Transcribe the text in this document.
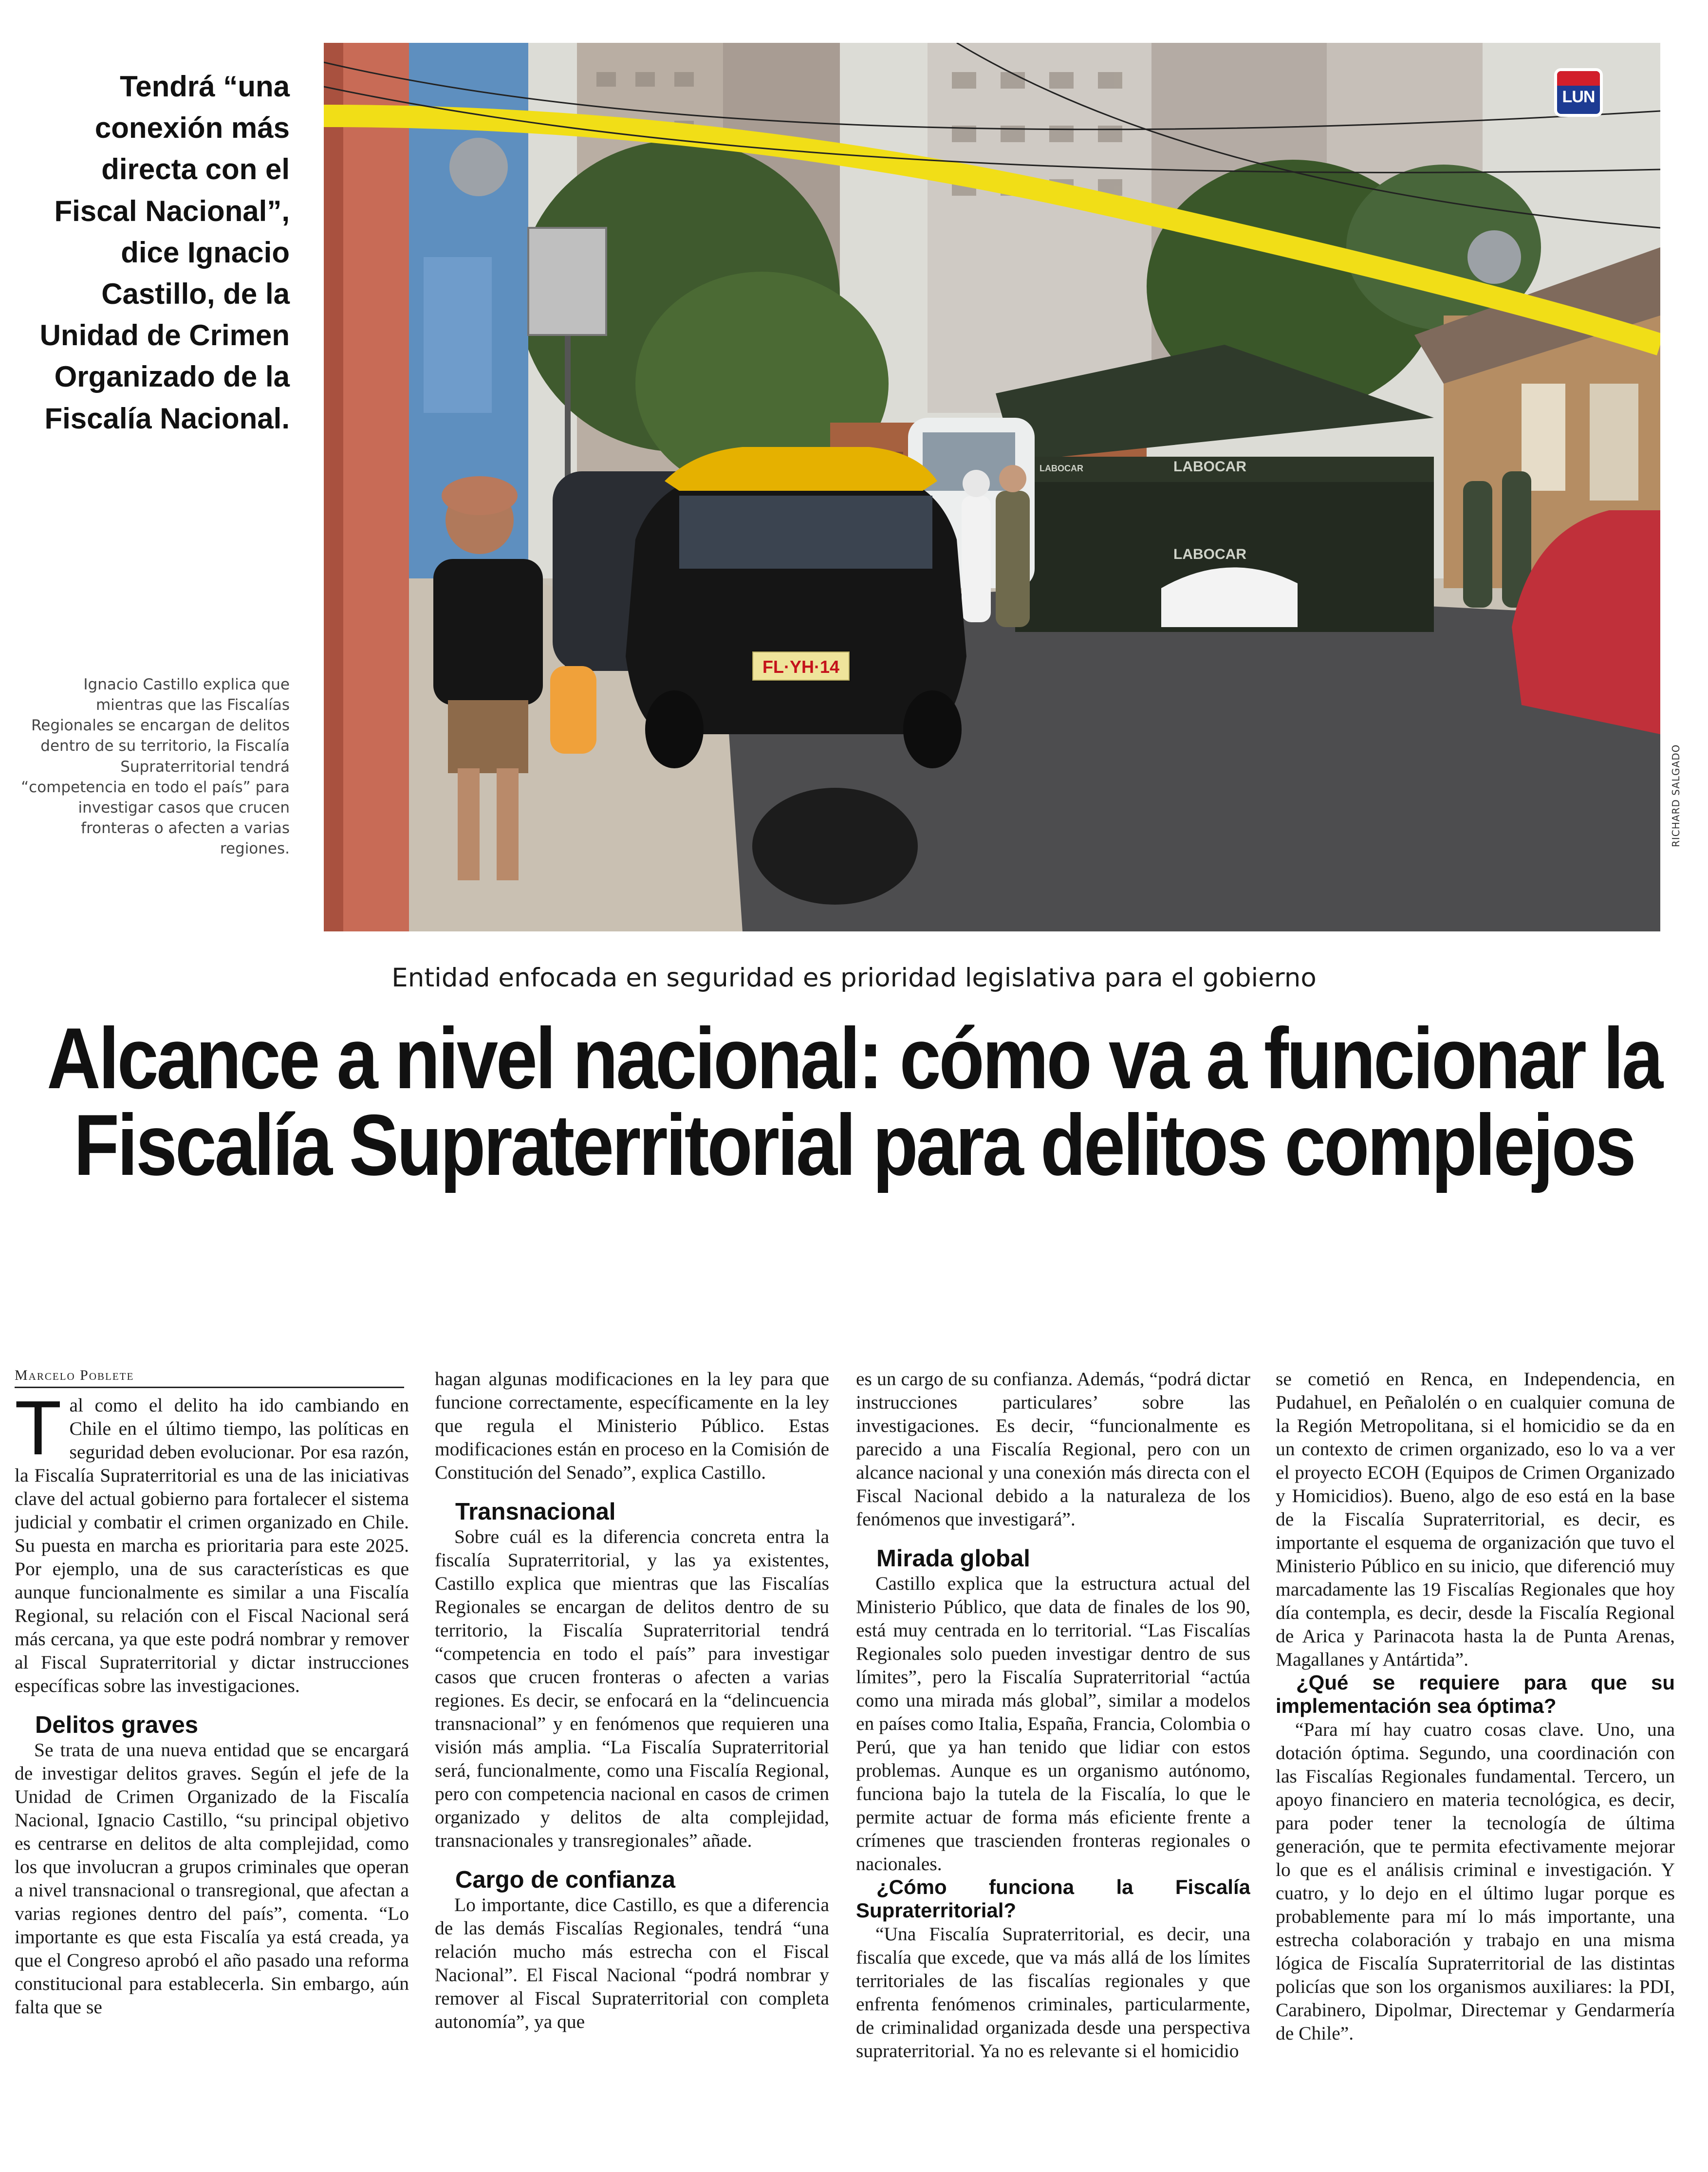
Tendrá “una conexión más directa con el Fiscal Nacional”, dice Ignacio Castillo, de la Unidad de Crimen Organizado de la Fiscalía Nacional.
Ignacio Castillo explica que mientras que las Fiscalías Regionales se encargan de delitos dentro de su territorio, la Fiscalía Supraterritorial tendrá “competencia en todo el país” para investigar casos que crucen fronteras o afecten a varias regiones.
LABOCAR
LABOCAR
LABOCAR
FL·YH·14
LUN
RICHARD SALGADO
Entidad enfocada en seguridad es prioridad legislativa para el gobierno
Alcance a nivel nacional: cómo va a funcionar la Fiscalía Supraterritorial para delitos complejos
Marcelo Poblete

Tal como el delito ha ido cambiando en Chile en el último tiempo, las políticas en seguridad deben evolucionar. Por esa razón, la Fiscalía Supraterritorial es una de las iniciativas clave del actual gobierno para fortalecer el sistema judicial y combatir el crimen organizado en Chile. Su puesta en marcha es prioritaria para este 2025. Por ejemplo, una de sus características es que aunque funcionalmente es similar a una Fiscalía Regional, su relación con el Fiscal Nacional será más cercana, ya que este podrá nombrar y remover al Fiscal Supraterritorial y dictar instrucciones específicas sobre las investigaciones.

Delitos graves

Se trata de una nueva entidad que se encargará de investigar delitos graves. Según el jefe de la Unidad de Crimen Organizado de la Fiscalía Nacional, Ignacio Castillo, “su principal objetivo es centrarse en delitos de alta complejidad, como los que involucran a grupos criminales que operan a nivel transnacional o transregional, que afectan a varias regiones dentro del país”, comenta. “Lo importante es que esta Fiscalía ya está creada, ya que el Congreso aprobó el año pasado una reforma constitucional para establecerla. Sin embargo, aún falta que se

hagan algunas modificaciones en la ley para que funcione correctamente, específicamente en la ley que regula el Ministerio Público. Estas modificaciones están en proceso en la Comisión de Constitución del Senado”, explica Castillo.

Transnacional

Sobre cuál es la diferencia concreta entra la fiscalía Supraterritorial, y las ya existentes, Castillo explica que mientras que las Fiscalías Regionales se encargan de delitos dentro de su territorio, la Fiscalía Supraterritorial tendrá “competencia en todo el país” para investigar casos que crucen fronteras o afecten a varias regiones. Es decir, se enfocará en la “delincuencia transnacional” y en fenómenos que requieren una visión más amplia. “La Fiscalía Supraterritorial será, funcionalmente, como una Fiscalía Regional, pero con competencia nacional en casos de crimen organizado y delitos de alta complejidad, transnacionales y transregionales” añade.

Cargo de confianza

Lo importante, dice Castillo, es que a diferencia de las demás Fiscalías Regionales, tendrá “una relación mucho más estrecha con el Fiscal Nacional”. El Fiscal Nacional “podrá nombrar y remover al Fiscal Supraterritorial con completa autonomía”, ya que

es un cargo de su confianza. Además, “podrá dictar instrucciones particulares’ sobre las investigaciones. Es decir, “funcionalmente es parecido a una Fiscalía Regional, pero con un alcance nacional y una conexión más directa con el Fiscal Nacional debido a la naturaleza de los fenómenos que investigará”.

Mirada global

Castillo explica que la estructura actual del Ministerio Público, que data de finales de los 90, está muy centrada en lo territorial. “Las Fiscalías Regionales solo pueden investigar dentro de sus límites”, pero la Fiscalía Supraterritorial “actúa como una mirada más global”, similar a modelos en países como Italia, España, Francia, Colombia o Perú, que ya han tenido que lidiar con estos problemas. Aunque es un organismo autónomo, funciona bajo la tutela de la Fiscalía, lo que le permite actuar de forma más eficiente frente a crímenes que trascienden fronteras regionales o nacionales.

¿Cómo funciona la Fiscalía Supraterritorial?

“Una Fiscalía Supraterritorial, es decir, una fiscalía que excede, que va más allá de los límites territoriales de las fiscalías regionales y que enfrenta fenómenos criminales, particularmente, de criminalidad organizada desde una perspectiva supraterritorial. Ya no es relevante si el homicidio

se cometió en Renca, en Independencia, en Pudahuel, en Peñalolén o en cualquier comuna de la Región Metropolitana, si el homicidio se da en un contexto de crimen organizado, eso lo va a ver el proyecto ECOH (Equipos de Crimen Organizado y Homicidios). Bueno, algo de eso está en la base de la Fiscalía Supraterritorial, es decir, es importante el esquema de organización que tuvo el Ministerio Público en su inicio, que diferenció muy marcadamente las 19 Fiscalías Regionales que hoy día contempla, es decir, desde la Fiscalía Regional de Arica y Parinacota hasta la de Punta Arenas, Magallanes y Antártida”.

¿Qué se requiere para que su implementación sea óptima?

“Para mí hay cuatro cosas clave. Uno, una dotación óptima. Segundo, una coordinación con las Fiscalías Regionales fundamental. Tercero, un apoyo financiero en materia tecnológica, es decir, para poder tener la tecnología de última generación, que te permita efectivamente mejorar lo que es el análisis criminal e investigación. Y cuatro, y lo dejo en el último lugar porque es probablemente para mí lo más importante, una estrecha colaboración y trabajo en una misma lógica de Fiscalía Supraterritorial de las distintas policías que son los organismos auxiliares: la PDI, Carabinero, Dipolmar, Directemar y Gendarmería de Chile”.
